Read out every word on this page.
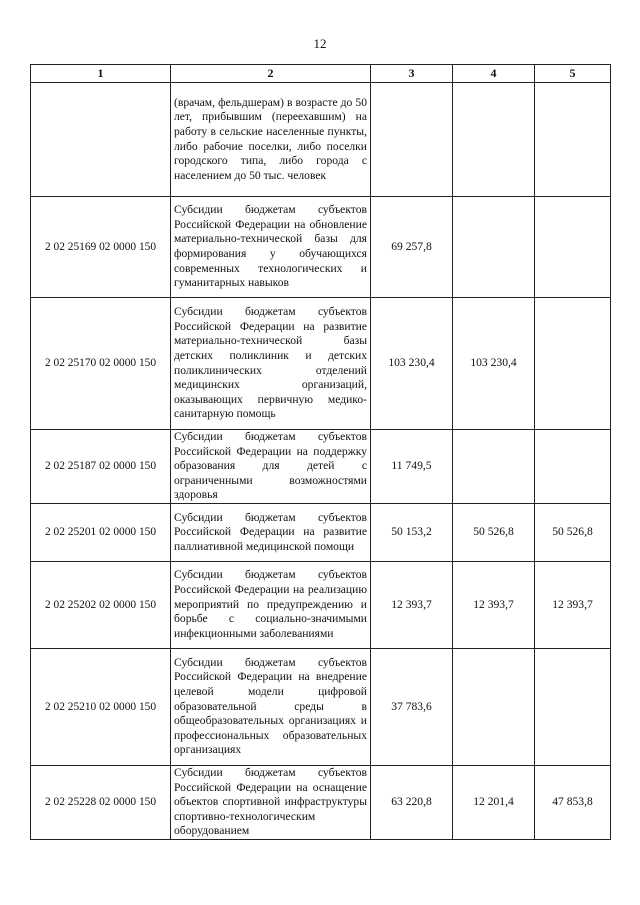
12
1	2	3	4	5
	(врачам, фельдшерам) в возрасте до 50 лет, прибывшим (переехавшим) на работу в сельские населенные пункты, либо рабочие поселки, либо поселки городского типа, либо города с населением до 50 тыс. человек			
2 02 25169 02 0000 150	Субсидии бюджетам субъектов Российской Федерации на обновление материально-технической базы для формирования у обучающихся современных технологических и гуманитарных навыков	69 257,8		
2 02 25170 02 0000 150	Субсидии бюджетам субъектов Российской Федерации на развитие материально-технической базы детских поликлиник и детских поликлинических отделений медицинских организаций, оказывающих первичную медико-санитарную помощь	103 230,4	103 230,4	
2 02 25187 02 0000 150	Субсидии бюджетам субъектов Российской Федерации на поддержку образования для детей с ограниченными возможностями здоровья	11 749,5		
2 02 25201 02 0000 150	Субсидии бюджетам субъектов Российской Федерации на развитие паллиативной медицинской помощи	50 153,2	50 526,8	50 526,8
2 02 25202 02 0000 150	Субсидии бюджетам субъектов Российской Федерации на реализацию мероприятий по предупреждению и борьбе с социально-значимыми инфекционными заболеваниями	12 393,7	12 393,7	12 393,7
2 02 25210 02 0000 150	Субсидии бюджетам субъектов Российской Федерации на внедрение целевой модели цифровой образовательной среды в общеобразовательных организациях и профессиональных образовательных организациях	37 783,6		
2 02 25228 02 0000 150	Субсидии бюджетам субъектов Российской Федерации на оснащение объектов спортивной инфраструктуры спортивно-технологическим оборудованием	63 220,8	12 201,4	47 853,8
